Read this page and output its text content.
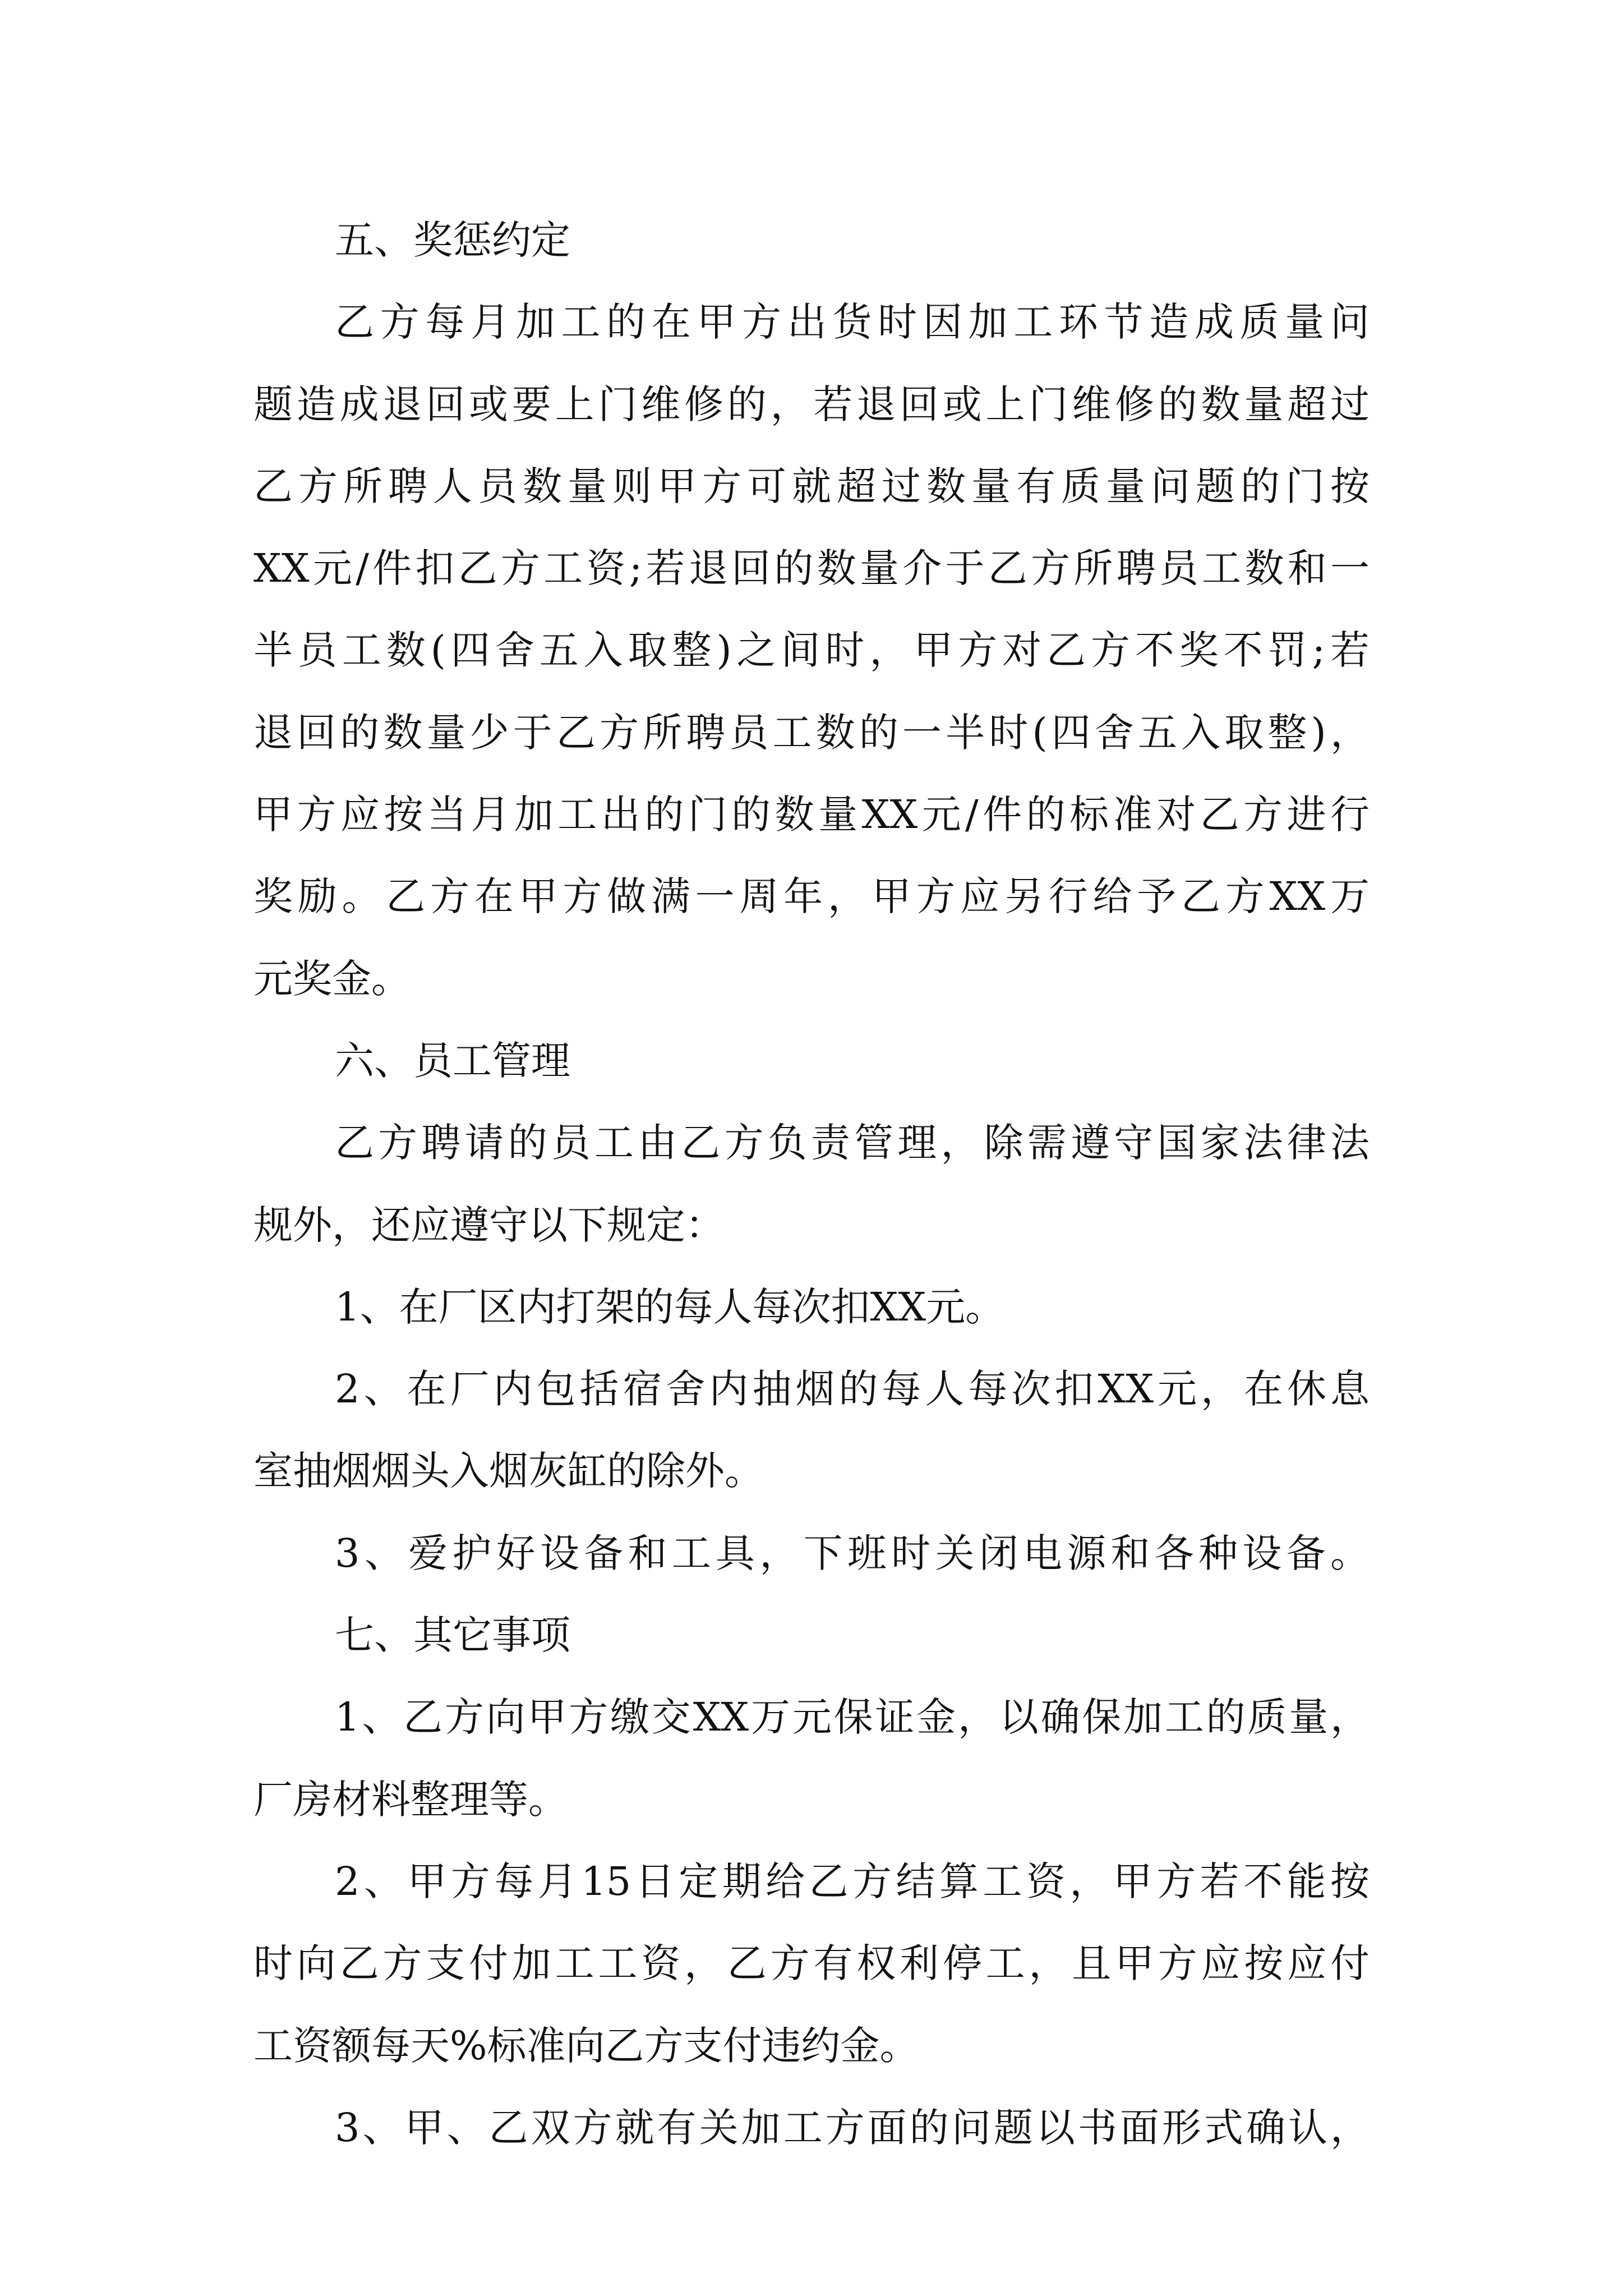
五、奖惩约定
乙方每月加工的在甲方出货时因加工环节造成质量问
题造成退回或要上门维修的，若退回或上门维修的数量超过
乙方所聘人员数量则甲方可就超过数量有质量问题的门按
XX元/件扣乙方工资;若退回的数量介于乙方所聘员工数和一
半员工数(四舍五入取整)之间时，甲方对乙方不奖不罚;若
退回的数量少于乙方所聘员工数的一半时(四舍五入取整)，
甲方应按当月加工出的门的数量XX元/件的标准对乙方进行
奖励。乙方在甲方做满一周年，甲方应另行给予乙方XX万
元奖金。
六、员工管理
乙方聘请的员工由乙方负责管理，除需遵守国家法律法
规外，还应遵守以下规定：
1、在厂区内打架的每人每次扣XX元。
2、在厂内包括宿舍内抽烟的每人每次扣XX元，在休息
室抽烟烟头入烟灰缸的除外。
3、爱护好设备和工具，下班时关闭电源和各种设备。
七、其它事项
1、乙方向甲方缴交XX万元保证金，以确保加工的质量，
厂房材料整理等。
2、甲方每月15日定期给乙方结算工资，甲方若不能按
时向乙方支付加工工资，乙方有权利停工，且甲方应按应付
工资额每天%标准向乙方支付违约金。
3、甲、乙双方就有关加工方面的问题以书面形式确认，
